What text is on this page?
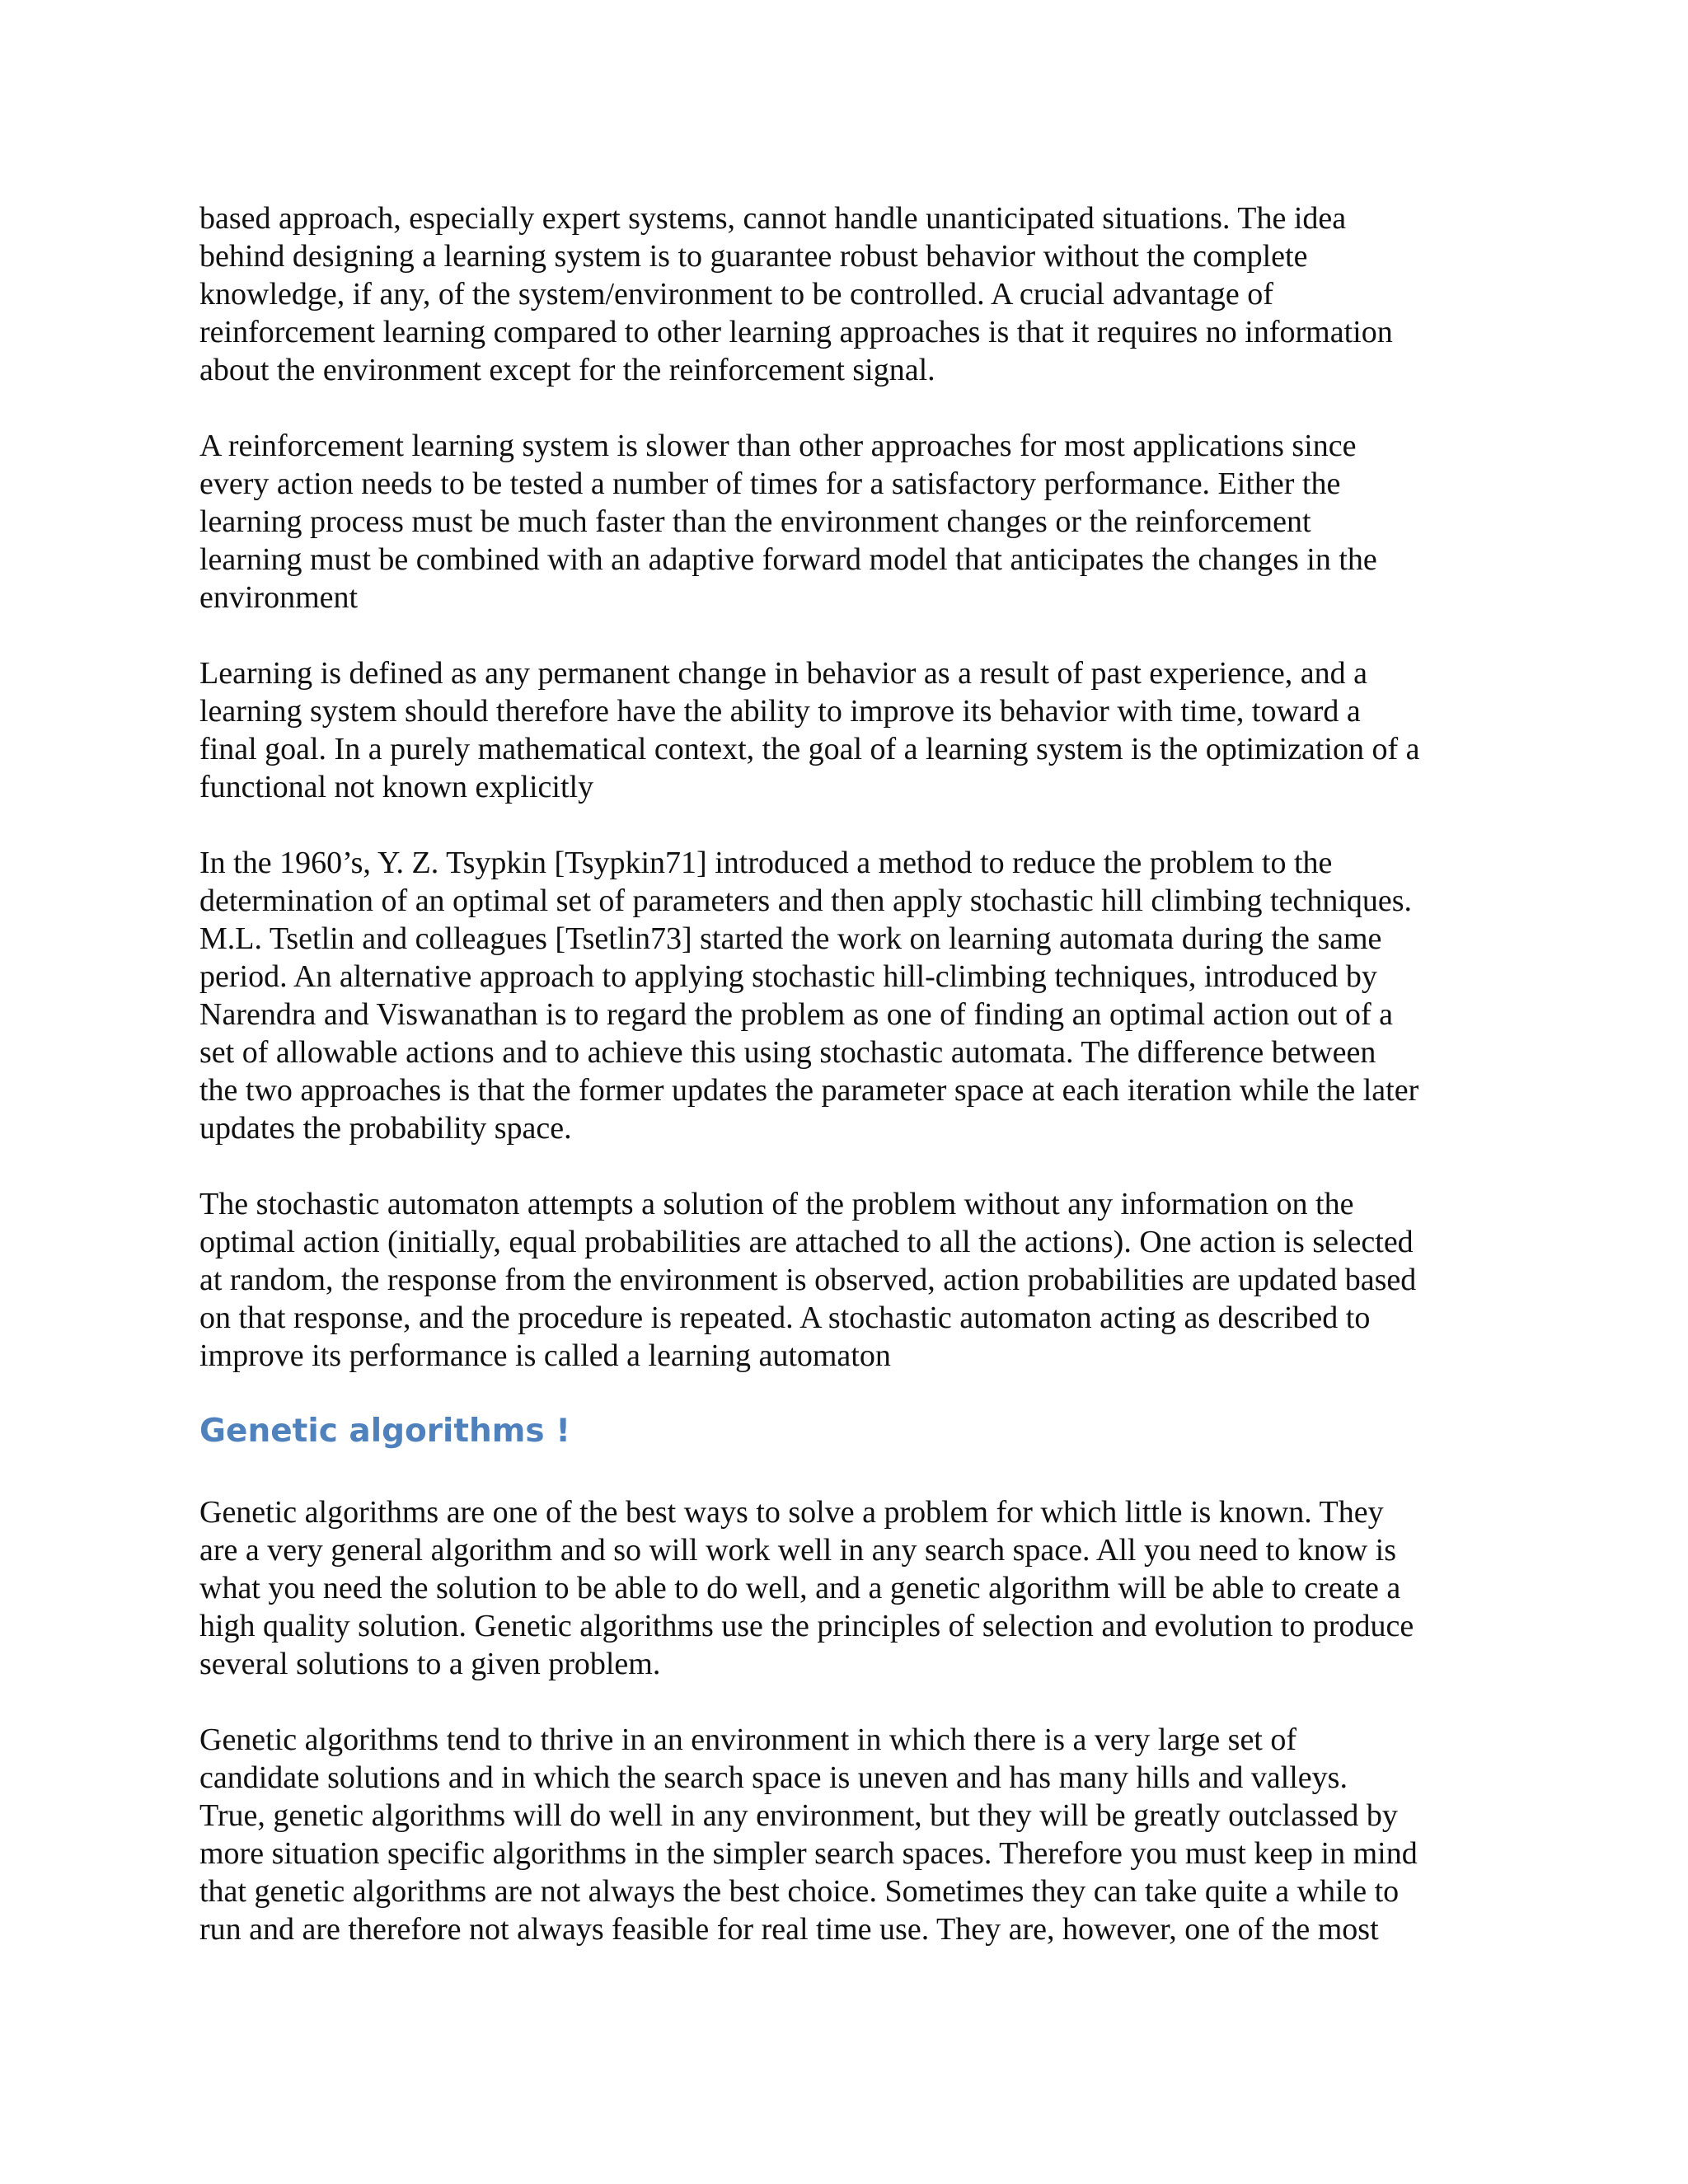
based approach, especially expert systems, cannot handle unanticipated situations. The idea
behind designing a learning system is to guarantee robust behavior without the complete
knowledge, if any, of the system/environment to be controlled. A crucial advantage of
reinforcement learning compared to other learning approaches is that it requires no information
about the environment except for the reinforcement signal.

A reinforcement learning system is slower than other approaches for most applications since
every action needs to be tested a number of times for a satisfactory performance. Either the
learning process must be much faster than the environment changes or the reinforcement
learning must be combined with an adaptive forward model that anticipates the changes in the
environment

Learning is defined as any permanent change in behavior as a result of past experience, and a
learning system should therefore have the ability to improve its behavior with time, toward a
final goal. In a purely mathematical context, the goal of a learning system is the optimization of a
functional not known explicitly

In the 1960’s, Y. Z. Tsypkin [Tsypkin71] introduced a method to reduce the problem to the
determination of an optimal set of parameters and then apply stochastic hill climbing techniques.
M.L. Tsetlin and colleagues [Tsetlin73] started the work on learning automata during the same
period. An alternative approach to applying stochastic hill-climbing techniques, introduced by
Narendra and Viswanathan is to regard the problem as one of finding an optimal action out of a
set of allowable actions and to achieve this using stochastic automata. The difference between
the two approaches is that the former updates the parameter space at each iteration while the later
updates the probability space.

The stochastic automaton attempts a solution of the problem without any information on the
optimal action (initially, equal probabilities are attached to all the actions). One action is selected
at random, the response from the environment is observed, action probabilities are updated based
on that response, and the procedure is repeated. A stochastic automaton acting as described to
improve its performance is called a learning automaton

Genetic algorithms !

Genetic algorithms are one of the best ways to solve a problem for which little is known. They
are a very general algorithm and so will work well in any search space. All you need to know is
what you need the solution to be able to do well, and a genetic algorithm will be able to create a
high quality solution. Genetic algorithms use the principles of selection and evolution to produce
several solutions to a given problem.

Genetic algorithms tend to thrive in an environment in which there is a very large set of
candidate solutions and in which the search space is uneven and has many hills and valleys.
True, genetic algorithms will do well in any environment, but they will be greatly outclassed by
more situation specific algorithms in the simpler search spaces. Therefore you must keep in mind
that genetic algorithms are not always the best choice. Sometimes they can take quite a while to
run and are therefore not always feasible for real time use. They are, however, one of the most
